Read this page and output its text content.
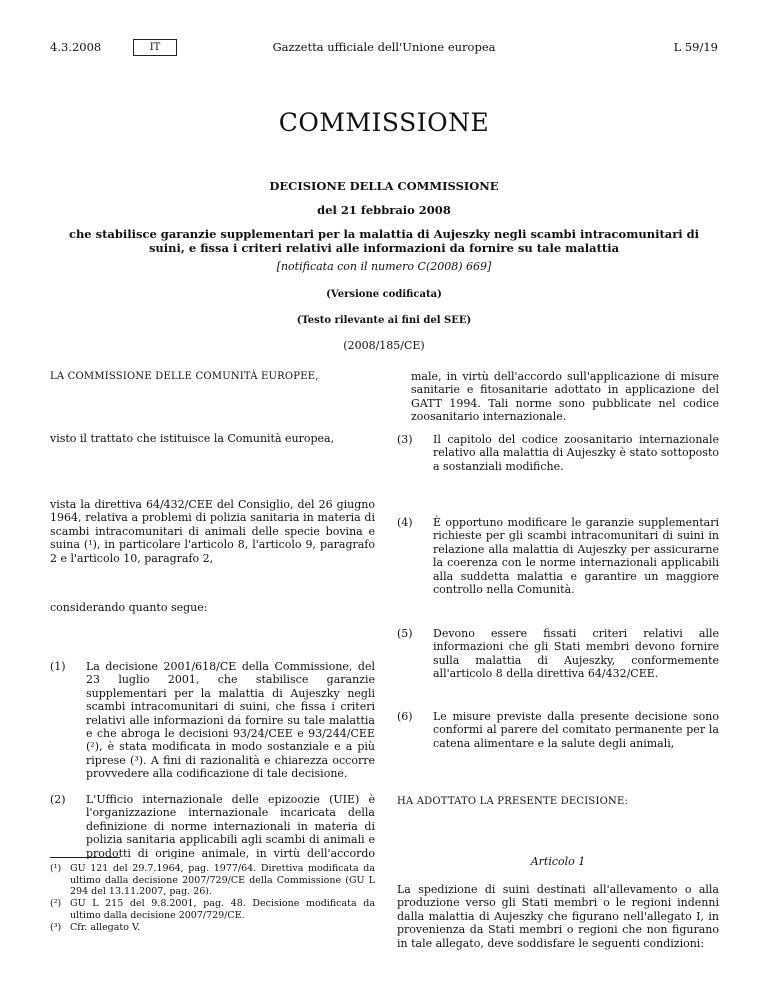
4.3.2008	IT	Gazzetta ufficiale dell'Unione europea	L 59/19
COMMISSIONE
DECISIONE DELLA COMMISSIONE
del 21 febbraio 2008
che stabilisce garanzie supplementari per la malattia di Aujeszky negli scambi intracomunitari di
suini, e fissa i criteri relativi alle informazioni da fornire su tale malattia
[notificata con il numero C(2008) 669]
(Versione codificata)
(Testo rilevante ai fini del SEE)
(2008/185/CE)
LA COMMISSIONE DELLE COMUNITÀ EUROPEE,
visto il trattato che istituisce la Comunità europea,
vista la direttiva 64/432/CEE del Consiglio, del 26 giugno 1964, relativa a problemi di polizia sanitaria in materia di scambi intracomunitari di animali delle specie bovina e suina (¹), in particolare l'articolo 8, l'articolo 9, paragrafo 2 e l'articolo 10, paragrafo 2,
considerando quanto segue:
(1) La decisione 2001/618/CE della Commissione, del 23 luglio 2001, che stabilisce garanzie supplementari per la malattia di Aujeszky negli scambi intracomunitari di suini, che fissa i criteri relativi alle informazioni da fornire su tale malattia e che abroga le decisioni 93/24/CEE e 93/244/CEE (²), è stata modificata in modo sostanziale e a più riprese (³). A fini di razionalità e chiarezza occorre provvedere alla codificazione di tale decisione.
(2) L'Ufficio internazionale delle epizoozie (UIE) è l'organizzazione internazionale incaricata della definizione di norme internazionali in materia di polizia sanitaria applicabili agli scambi di animali e prodotti di origine animale, in virtù dell'accordo
(¹) GU 121 del 29.7.1964, pag. 1977/64. Direttiva modificata da ultimo dalla decisione 2007/729/CE della Commissione (GU L 294 del 13.11.2007, pag. 26).
(²) GU L 215 del 9.8.2001, pag. 48. Decisione modificata da ultimo dalla decisione 2007/729/CE.
(³) Cfr. allegato V.
male, in virtù dell'accordo sull'applicazione di misure sanitarie e fitosanitarie adottato in applicazione del GATT 1994. Tali norme sono pubblicate nel codice zoosanitario internazionale.
(3) Il capitolo del codice zoosanitario internazionale relativo alla malattia di Aujeszky è stato sottoposto a sostanziali modifiche.
(4) È opportuno modificare le garanzie supplementari richieste per gli scambi intracomunitari di suini in relazione alla malattia di Aujeszky per assicurarne la coerenza con le norme internazionali applicabili alla suddetta malattia e garantire un maggiore controllo nella Comunità.
(5) Devono essere fissati criteri relativi alle informazioni che gli Stati membri devono fornire sulla malattia di Aujeszky, conformemente all'articolo 8 della direttiva 64/432/CEE.
(6) Le misure previste dalla presente decisione sono conformi al parere del comitato permanente per la catena alimentare e la salute degli animali,
HA ADOTTATO LA PRESENTE DECISIONE:
Articolo 1
La spedizione di suini destinati all'allevamento o alla produzione verso gli Stati membri o le regioni indenni dalla malattia di Aujeszky che figurano nell'allegato I, in provenienza da Stati membri o regioni che non figurano in tale allegato, deve soddisfare le seguenti condizioni:
